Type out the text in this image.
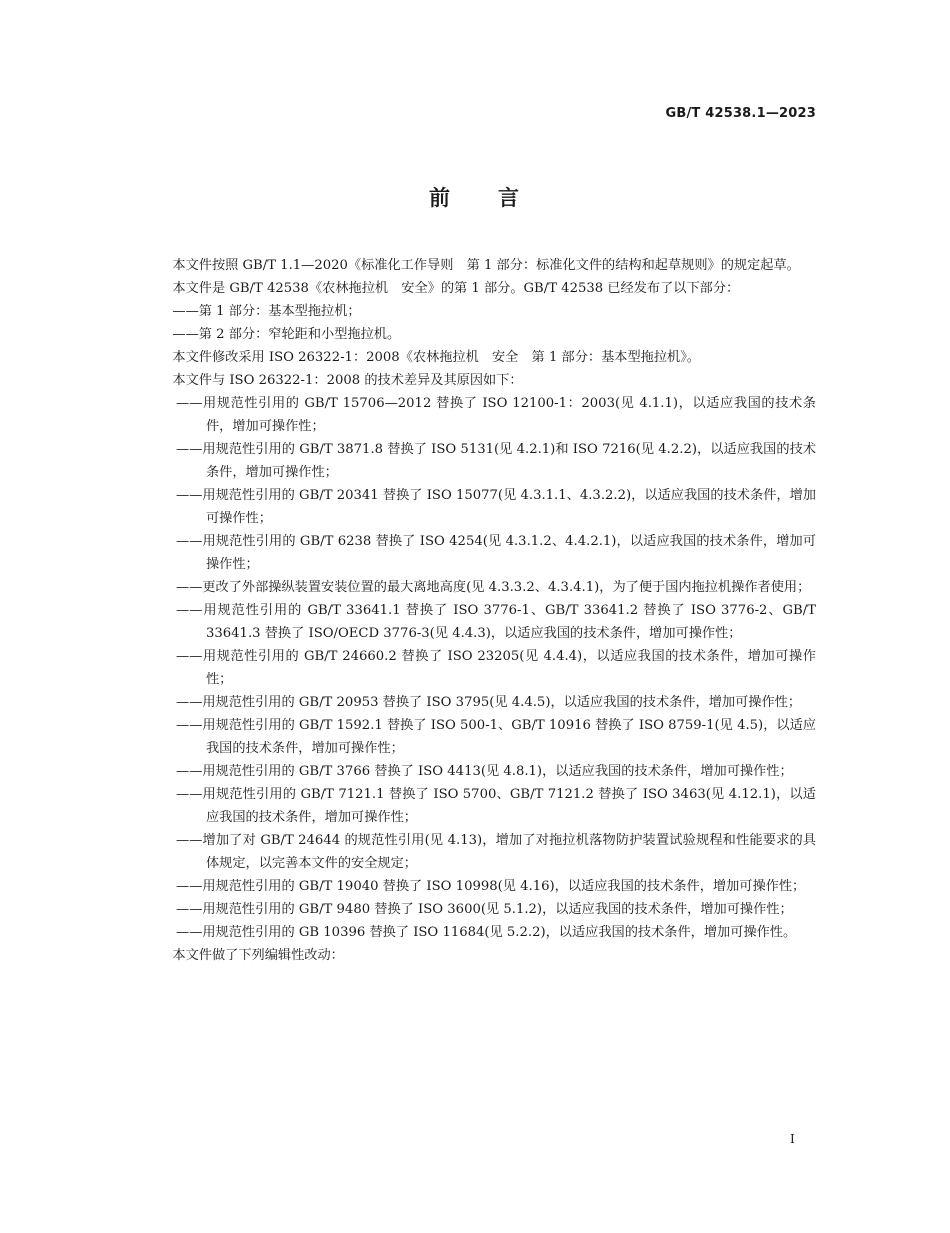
GB/T 42538.1—2023
前 言

本文件按照 GB/T 1.1—2020《标准化工作导则　第 1 部分：标准化文件的结构和起草规则》的规定起草。

本文件是 GB/T 42538《农林拖拉机　安全》的第 1 部分。GB/T 42538 已经发布了以下部分：

——第 1 部分：基本型拖拉机；

——第 2 部分：窄轮距和小型拖拉机。

本文件修改采用 ISO 26322-1：2008《农林拖拉机　安全　第 1 部分：基本型拖拉机》。

本文件与 ISO 26322-1：2008 的技术差异及其原因如下：

——用规范性引用的 GB/T 15706—2012 替换了 ISO 12100-1：2003(见 4.1.1)，以适应我国的技术条件，增加可操作性；

——用规范性引用的 GB/T 3871.8 替换了 ISO 5131(见 4.2.1)和 ISO 7216(见 4.2.2)，以适应我国的技术条件，增加可操作性；

——用规范性引用的 GB/T 20341 替换了 ISO 15077(见 4.3.1.1、4.3.2.2)，以适应我国的技术条件，增加可操作性；

——用规范性引用的 GB/T 6238 替换了 ISO 4254(见 4.3.1.2、4.4.2.1)，以适应我国的技术条件，增加可操作性；

——更改了外部操纵装置安装位置的最大离地高度(见 4.3.3.2、4.3.4.1)，为了便于国内拖拉机操作者使用；

——用规范性引用的 GB/T 33641.1 替换了 ISO 3776-1、GB/T 33641.2 替换了 ISO 3776-2、GB/T 33641.3 替换了 ISO/OECD 3776-3(见 4.4.3)，以适应我国的技术条件，增加可操作性；

——用规范性引用的 GB/T 24660.2 替换了 ISO 23205(见 4.4.4)，以适应我国的技术条件，增加可操作性；

——用规范性引用的 GB/T 20953 替换了 ISO 3795(见 4.4.5)，以适应我国的技术条件，增加可操作性；

——用规范性引用的 GB/T 1592.1 替换了 ISO 500-1、GB/T 10916 替换了 ISO 8759-1(见 4.5)，以适应我国的技术条件，增加可操作性；

——用规范性引用的 GB/T 3766 替换了 ISO 4413(见 4.8.1)，以适应我国的技术条件，增加可操作性；

——用规范性引用的 GB/T 7121.1 替换了 ISO 5700、GB/T 7121.2 替换了 ISO 3463(见 4.12.1)，以适应我国的技术条件，增加可操作性；

——增加了对 GB/T 24644 的规范性引用(见 4.13)，增加了对拖拉机落物防护装置试验规程和性能要求的具体规定，以完善本文件的安全规定；

——用规范性引用的 GB/T 19040 替换了 ISO 10998(见 4.16)，以适应我国的技术条件，增加可操作性；

——用规范性引用的 GB/T 9480 替换了 ISO 3600(见 5.1.2)，以适应我国的技术条件，增加可操作性；

——用规范性引用的 GB 10396 替换了 ISO 11684(见 5.2.2)，以适应我国的技术条件，增加可操作性。

本文件做了下列编辑性改动：

I
